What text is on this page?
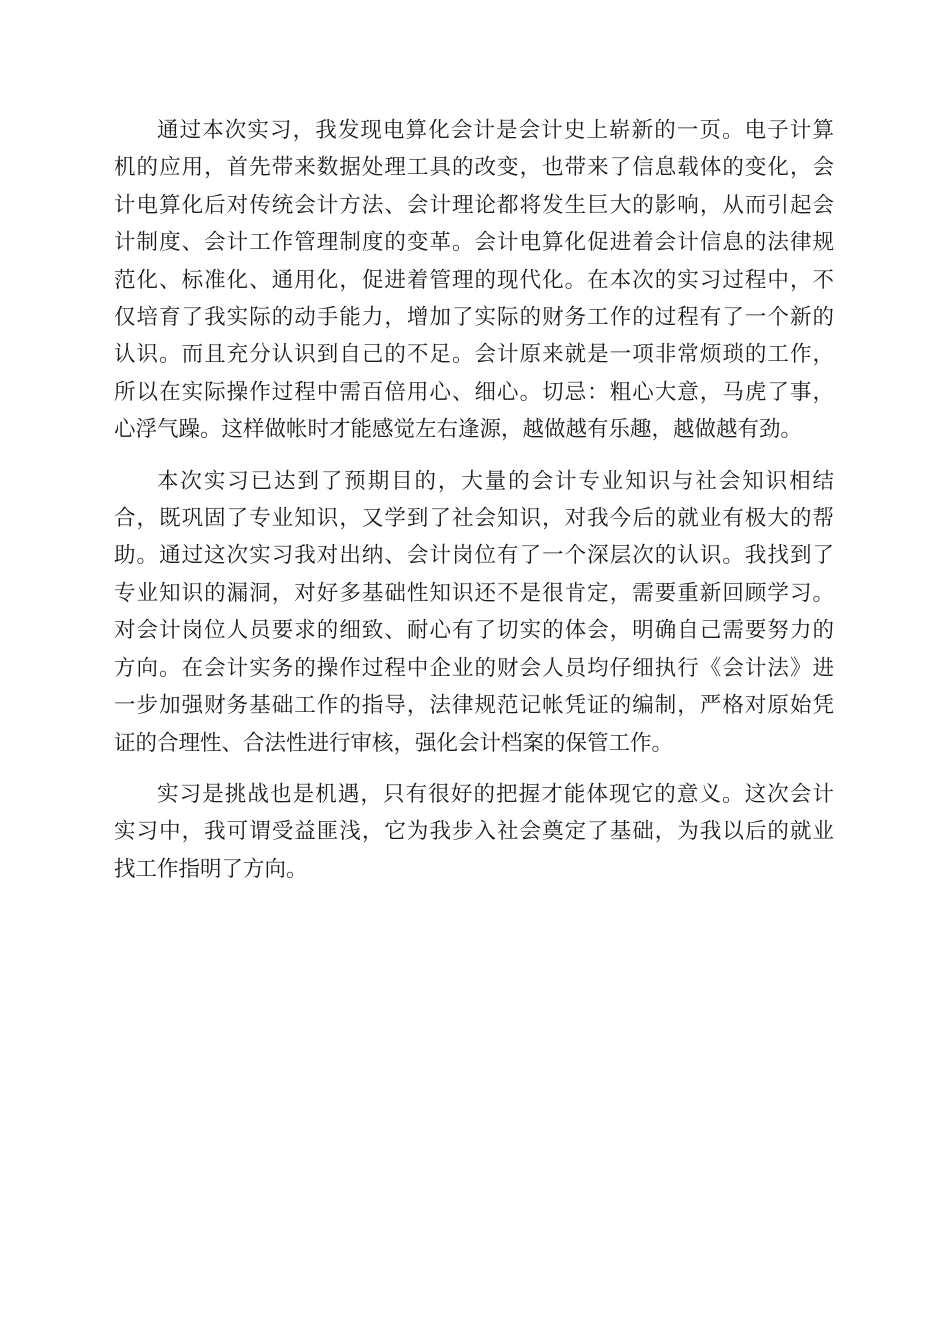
通过本次实习，我发现电算化会计是会计史上崭新的一页。电子计算
机的应用，首先带来数据处理工具的改变，也带来了信息载体的变化，会
计电算化后对传统会计方法、会计理论都将发生巨大的影响，从而引起会
计制度、会计工作管理制度的变革。会计电算化促进着会计信息的法律规
范化、标准化、通用化，促进着管理的现代化。在本次的实习过程中，不
仅培育了我实际的动手能力，增加了实际的财务工作的过程有了一个新的
认识。而且充分认识到自己的不足。会计原来就是一项非常烦琐的工作，
所以在实际操作过程中需百倍用心、细心。切忌：粗心大意，马虎了事，
心浮气躁。这样做帐时才能感觉左右逢源，越做越有乐趣，越做越有劲。
本次实习已达到了预期目的，大量的会计专业知识与社会知识相结
合，既巩固了专业知识，又学到了社会知识，对我今后的就业有极大的帮
助。通过这次实习我对出纳、会计岗位有了一个深层次的认识。我找到了
专业知识的漏洞，对好多基础性知识还不是很肯定，需要重新回顾学习。
对会计岗位人员要求的细致、耐心有了切实的体会，明确自己需要努力的
方向。在会计实务的操作过程中企业的财会人员均仔细执行《会计法》进
一步加强财务基础工作的指导，法律规范记帐凭证的编制，严格对原始凭
证的合理性、合法性进行审核，强化会计档案的保管工作。
实习是挑战也是机遇，只有很好的把握才能体现它的意义。这次会计
实习中，我可谓受益匪浅，它为我步入社会奠定了基础，为我以后的就业
找工作指明了方向。
